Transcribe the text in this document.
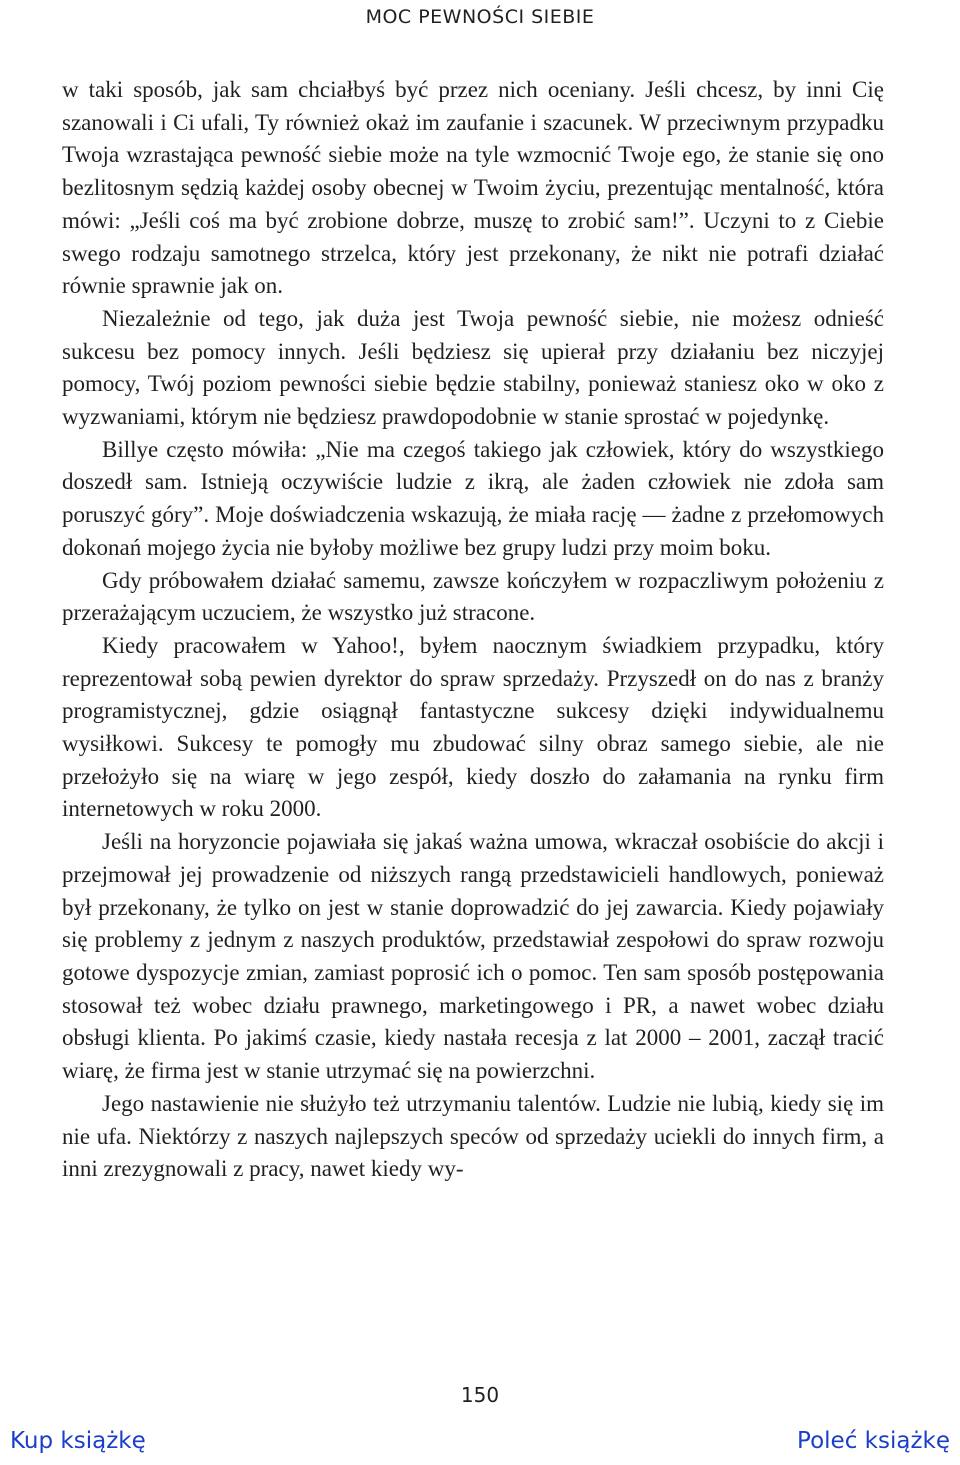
MOC PEWNOŚCI SIEBIE

w taki sposób, jak sam chciałbyś być przez nich oceniany. Jeśli chcesz, by inni Cię szanowali i Ci ufali, Ty również okaż im zaufanie i szacunek. W przeciwnym przypadku Twoja wzrastająca pewność siebie może na tyle wzmocnić Twoje ego, że stanie się ono bezlitosnym sędzią każdej osoby obecnej w Twoim życiu, prezentując mentalność, która mówi: „Jeśli coś ma być zrobione dobrze, muszę to zrobić sam!”. Uczyni to z Ciebie swego rodzaju samotnego strzelca, który jest przekonany, że nikt nie potrafi działać równie sprawnie jak on.

Niezależnie od tego, jak duża jest Twoja pewność siebie, nie możesz odnieść sukcesu bez pomocy innych. Jeśli będziesz się upierał przy działaniu bez niczyjej pomocy, Twój poziom pewności siebie będzie stabilny, ponieważ staniesz oko w oko z wyzwaniami, którym nie będziesz prawdopodobnie w stanie sprostać w pojedynkę.

Billye często mówiła: „Nie ma czegoś takiego jak człowiek, który do wszystkiego doszedł sam. Istnieją oczywiście ludzie z ikrą, ale żaden człowiek nie zdoła sam poruszyć góry”. Moje doświadczenia wskazują, że miała rację — żadne z przełomowych dokonań mojego życia nie byłoby możliwe bez grupy ludzi przy moim boku.

Gdy próbowałem działać samemu, zawsze kończyłem w rozpaczliwym położeniu z przerażającym uczuciem, że wszystko już stracone.

Kiedy pracowałem w Yahoo!, byłem naocznym świadkiem przypadku, który reprezentował sobą pewien dyrektor do spraw sprzedaży. Przyszedł on do nas z branży programistycznej, gdzie osiągnął fantastyczne sukcesy dzięki indywidualnemu wysiłkowi. Sukcesy te pomogły mu zbudować silny obraz samego siebie, ale nie przełożyło się na wiarę w jego zespół, kiedy doszło do załamania na rynku firm internetowych w roku 2000.

Jeśli na horyzoncie pojawiała się jakaś ważna umowa, wkraczał osobiście do akcji i przejmował jej prowadzenie od niższych rangą przedstawicieli handlowych, ponieważ był przekonany, że tylko on jest w stanie doprowadzić do jej zawarcia. Kiedy pojawiały się problemy z jednym z naszych produktów, przedstawiał zespołowi do spraw rozwoju gotowe dyspozycje zmian, zamiast poprosić ich o pomoc. Ten sam sposób postępowania stosował też wobec działu prawnego, marketingowego i PR, a nawet wobec działu obsługi klienta. Po jakimś czasie, kiedy nastała recesja z lat 2000 – 2001, zaczął tracić wiarę, że firma jest w stanie utrzymać się na powierzchni.

Jego nastawienie nie służyło też utrzymaniu talentów. Ludzie nie lubią, kiedy się im nie ufa. Niektórzy z naszych najlepszych speców od sprzedaży uciekli do innych firm, a inni zrezygnowali z pracy, nawet kiedy wy-

150
Kup książkę	Poleć książkę
